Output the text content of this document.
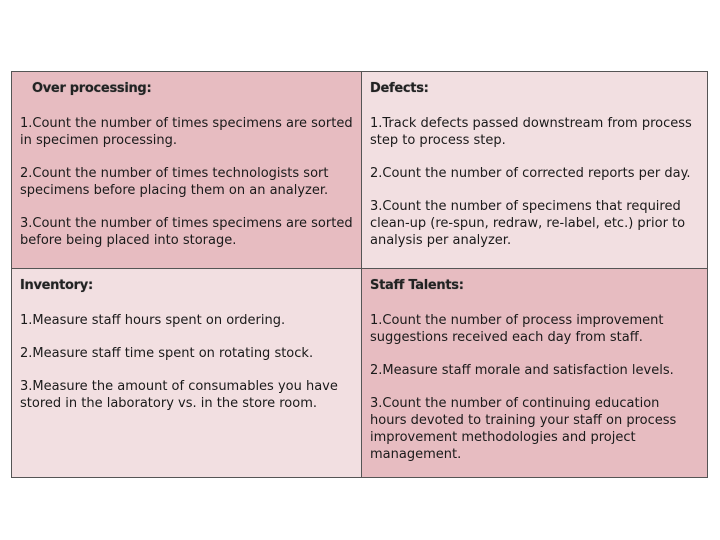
Over processing:
1.Count the number of times specimens are sorted in specimen processing.
2.Count the number of times technologists sort specimens before placing them on an analyzer.
3.Count the number of times specimens are sorted before being placed into storage.
Defects:
1.Track defects passed downstream from process step to process step.
2.Count the number of corrected reports per day.
3.Count the number of specimens that required clean-up (re-spun, redraw, re-label, etc.) prior to analysis per analyzer.
Inventory:
1.Measure staff hours spent on ordering.
2.Measure staff time spent on rotating stock.
3.Measure the amount of consumables you have stored in the laboratory vs. in the store room.
Staff Talents:
1.Count the number of process improvement suggestions received each day from staff.
2.Measure staff morale and satisfaction levels.
3.Count the number of continuing education hours devoted to training your staff on process improvement methodologies and project management.
